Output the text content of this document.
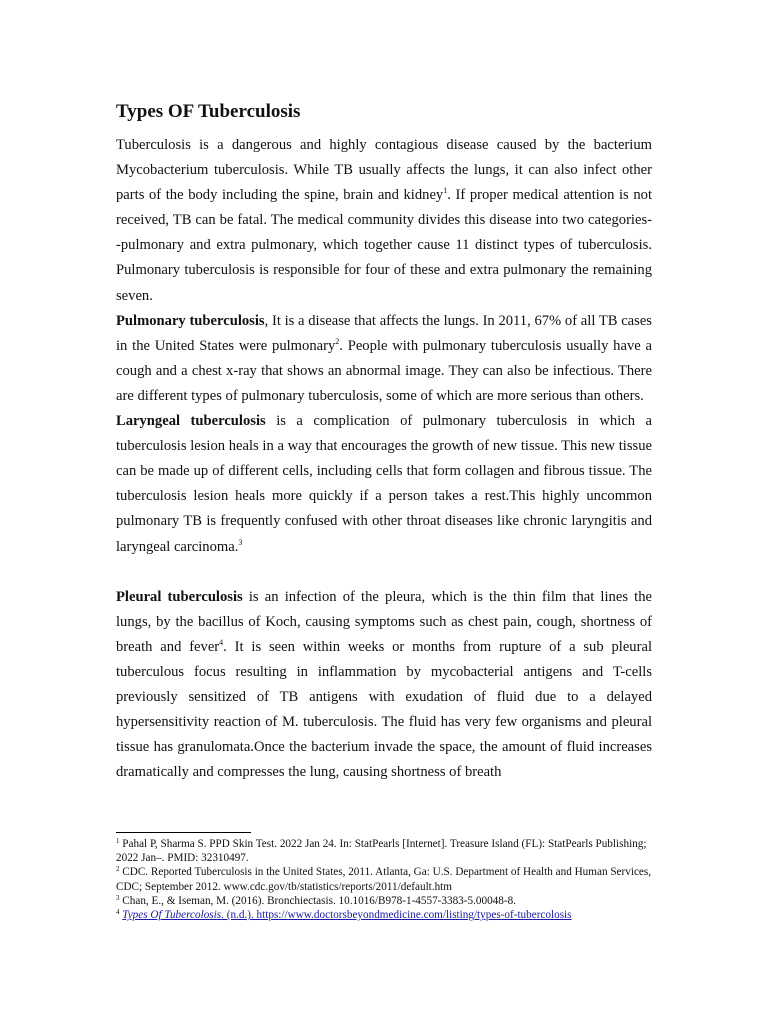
Types OF Tuberculosis

Tuberculosis is a dangerous and highly contagious disease caused by the bacterium Mycobacterium tuberculosis. While TB usually affects the lungs, it can also infect other parts of the body including the spine, brain and kidney$^1$. If proper medical attention is not received, TB can be fatal. The medical community divides this disease into two categories--pulmonary and extra pulmonary, which together cause 11 distinct types of tuberculosis. Pulmonary tuberculosis is responsible for four of these and extra pulmonary the remaining seven.

Pulmonary tuberculosis, It is a disease that affects the lungs. In 2011, 67% of all TB cases in the United States were pulmonary$^2$. People with pulmonary tuberculosis usually have a cough and a chest x-ray that shows an abnormal image. They can also be infectious. There are different types of pulmonary tuberculosis, some of which are more serious than others.

Laryngeal tuberculosis is a complication of pulmonary tuberculosis in which a tuberculosis lesion heals in a way that encourages the growth of new tissue. This new tissue can be made up of different cells, including cells that form collagen and fibrous tissue. The tuberculosis lesion heals more quickly if a person takes a rest.This highly uncommon pulmonary TB is frequently confused with other throat diseases like chronic laryngitis and laryngeal carcinoma.$^3$

Pleural tuberculosis is an infection of the pleura, which is the thin film that lines the lungs, by the bacillus of Koch, causing symptoms such as chest pain, cough, shortness of breath and fever$^4$. It is seen within weeks or months from rupture of a sub pleural tuberculous focus resulting in inflammation by mycobacterial antigens and T-cells previously sensitized of TB antigens with exudation of fluid due to a delayed hypersensitivity reaction of M. tuberculosis. The fluid has very few organisms and pleural tissue has granulomata.Once the bacterium invade the space, the amount of fluid increases dramatically and compresses the lung, causing shortness of breath

$^1$ Pahal P, Sharma S. PPD Skin Test. 2022 Jan 24. In: StatPearls [Internet]. Treasure Island (FL): StatPearls Publishing; 2022 Jan–. PMID: 32310497.
$^2$ CDC. Reported Tuberculosis in the United States, 2011. Atlanta, Ga: U.S. Department of Health and Human Services, CDC; September 2012. www.cdc.gov/tb/statistics/reports/2011/default.htm
$^3$ Chan, E., & Iseman, M. (2016). Bronchiectasis. 10.1016/B978-1-4557-3383-5.00048-8.
$^4$ Types Of Tubercolosis. (n.d.). https://www.doctorsbeyondmedicine.com/listing/types-of-tubercolosis
